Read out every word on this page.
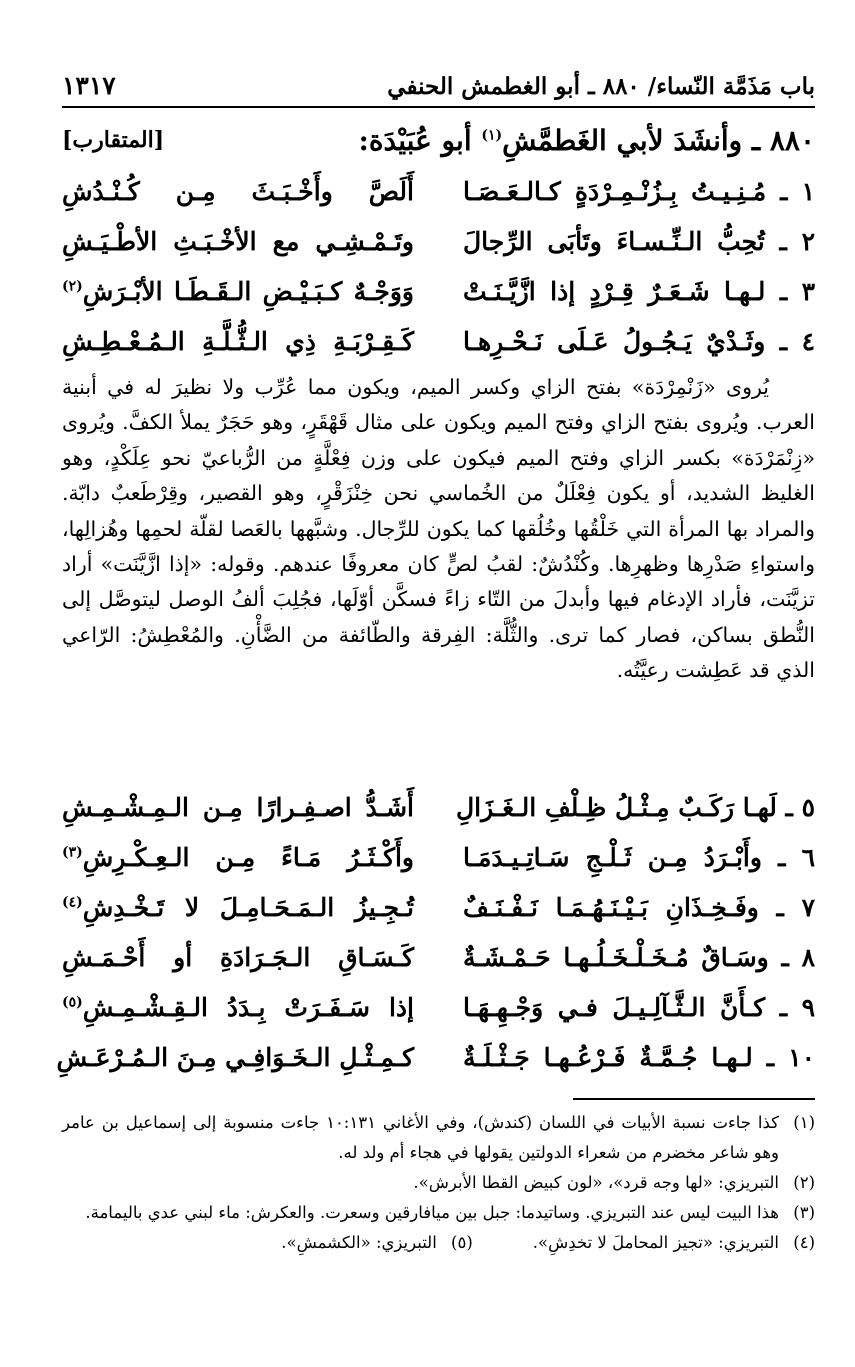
باب مَذَمَّة النّساء/ ٨٨٠ ـ أبو الغطمش الحنفي
١٣١٧
٨٨٠ ـ وأنشَدَ لأبي الغَطمَّشِ$^{(١)}$ أبو عُبَيْدَة:
[المتقارب]
١ ـ مُـنِـيـتُ بِـزُنْـمِـرْدَةٍ كـالـعَـصَـا
أَلَصَّ وأَخْـبَـثَ مِـن كُـنْـدُشِ
٢ ـ تُحِبُّ الـنِّـسـاءَ وتَأبَى الرِّجالَ
وتَـمْـشِـي مع الأخْـبَـثِ الأطْـيَـشِ
٣ ـ لـهـا شَـعَـرٌ قِـرْدٍ إذا ازَّيَّـنَـتْ
وَوَجْـهٌ كـبَـيْـضِ الـقَـطَـا الأبْـرَشِ$^{(٢)}$
٤ ـ وثَـدْيٌ يَـجُـولُ عَـلَى نَـحْـرِهـا
كَـقِـرْبَـةِ ذِي الـثُّـلَّـةِ الـمُـعْـطِـشِ
يُروى «زَنْمِرْدَة» بفتح الزاي وكسر الميم، ويكون مما عُرِّب ولا نظيرَ له في أبنية العرب. ويُروى بفتح الزاي وفتح الميم ويكون على مثال قَهْقَرٍ، وهو حَجَرٌ يملأ الكفَّ. ويُروى «زِنْمَرْدَة» بكسر الزاي وفتح الميم فيكون على وزن فِعْلَّةٍ من الرُّباعيّ نحو عِلَكْدٍ، وهو الغليظ الشديد، أو يكون فِعْلَلٌ من الخُماسي نحن خِنْزَقْرٍ، وهو القصير، وقِرْطَعبٌ دابّة. والمراد بها المرأة التي خَلْقُها وخُلُقها كما يكون للرِّجال. وشبَّهها بالعَصا لقلّة لحمِها وهُزالِها، واستواءِ صَدْرِها وظهرِها. وكُنْدُشٌ: لقبُ لصٍّ كان معروفًا عندهم. وقوله: «إذا ازَّيَّنَت» أراد تزيَّنَت، فأراد الإدغام فيها وأبدلَ من التّاء زاءً فسكَّن أوّلَها، فجُلِبَ ألفُ الوصل ليتوصَّل إلى النُّطق بساكن، فصار كما ترى. والثُّلَّة: الفِرقة والطّائفة من الضَّأْنِ. والمُعْطِشُ: الرّاعي الذي قد عَطِشت رعيَّتُه.
٥ ـ لَهـا رَكَـبٌ مِـثْـلُ ظِـلْفِ الـغَـزَالِ
أَشَـدُّ اصـفِـرارًا مِـن الـمِـشْـمِـشِ
٦ ـ وأَبْـرَدُ مِـن ثَـلْـجِ سَـاتِـيـدَمَـا
وأَكْـثَـرُ مَـاءً مِـن الـعِـكْـرِشِ$^{(٣)}$
٧ ـ وفَـخِـذَانِ بَـيْـنَـهُـمَـا نَـفْـنَـفٌ
تُـجِـيزُ الـمَـحَـامِـلَ لا تَـخْـدِشِ$^{(٤)}$
٨ ـ وسَـاقٌ مُـخَـلْـخَـلُـهـا حَـمْـشَـةٌ
كَـسَـاقِ الـجَـرَادَةِ أو أَحْـمَـشِ
٩ ـ كـأَنَّ الـثَّـآلِـيـلَ فـي وَجْـهِـهَـا
إذا سَـفَـرَتْ بِـدَدُ الـقِـشْـمِـشِ$^{(٥)}$
١٠ ـ لـهـا جُـمَّـةٌ فَـرْعُـهـا جَـثْـلَـةٌ
كـمِـثْـلِ الـخَـوَافِـي مِـنَ الـمُـرْعَـشِ
(١)
كذا جاءت نسبة الأبيات في اللسان (كندش)، وفي الأغاني ١٠:١٣١ جاءت منسوبة إلى إسماعيل بن عامر وهو شاعر مخضرم من شعراء الدولتين يقولها في هجاء أم ولد له.
(٢)
التبريزي: «لها وجه قرد»، «لون كبيض القطا الأبرش».
(٣)
هذا البيت ليس عند التبريزي. وساتيدما: جبل بين ميافارقين وسعرت. والعكرش: ماء لبني عدي باليمامة.
(٤)
التبريزي: «تجيز المحاملَ لا تخدِشِ».
(٥)
التبريزي: «الكشمشِ».
